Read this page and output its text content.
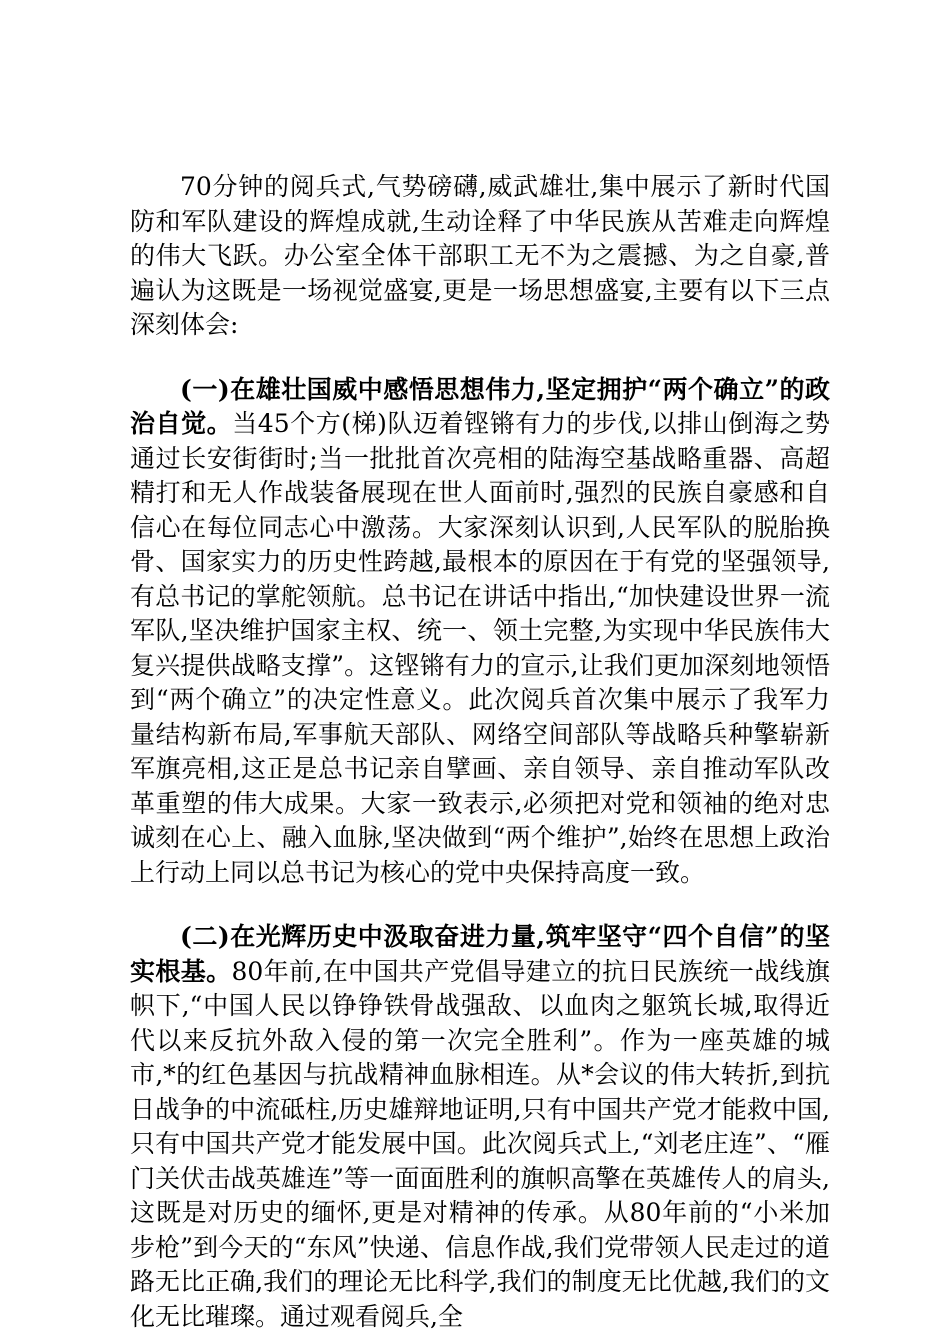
70分钟的阅兵式,气势磅礴,威武雄壮,集中展示了新时代国防和军队建设的辉煌成就,生动诠释了中华民族从苦难走向辉煌的伟大飞跃。办公室全体干部职工无不为之震撼、为之自豪,普遍认为这既是一场视觉盛宴,更是一场思想盛宴,主要有以下三点深刻体会:

(一)在雄壮国威中感悟思想伟力,坚定拥护“两个确立”的政治自觉。当45个方(梯)队迈着铿锵有力的步伐,以排山倒海之势通过长安街街时;当一批批首次亮相的陆海空基战略重器、高超精打和无人作战装备展现在世人面前时,强烈的民族自豪感和自信心在每位同志心中激荡。大家深刻认识到,人民军队的脱胎换骨、国家实力的历史性跨越,最根本的原因在于有党的坚强领导,有总书记的掌舵领航。总书记在讲话中指出,“加快建设世界一流军队,坚决维护国家主权、统一、领土完整,为实现中华民族伟大复兴提供战略支撑”。这铿锵有力的宣示,让我们更加深刻地领悟到“两个确立”的决定性意义。此次阅兵首次集中展示了我军力量结构新布局,军事航天部队、网络空间部队等战略兵种擎崭新军旗亮相,这正是总书记亲自擘画、亲自领导、亲自推动军队改革重塑的伟大成果。大家一致表示,必须把对党和领袖的绝对忠诚刻在心上、融入血脉,坚决做到“两个维护”,始终在思想上政治上行动上同以总书记为核心的党中央保持高度一致。

(二)在光辉历史中汲取奋进力量,筑牢坚守“四个自信”的坚实根基。80年前,在中国共产党倡导建立的抗日民族统一战线旗帜下,“中国人民以铮铮铁骨战强敌、以血肉之躯筑长城,取得近代以来反抗外敌入侵的第一次完全胜利”。作为一座英雄的城市,*的红色基因与抗战精神血脉相连。从*会议的伟大转折,到抗日战争的中流砥柱,历史雄辩地证明,只有中国共产党才能救中国,只有中国共产党才能发展中国。此次阅兵式上,“刘老庄连”、“雁门关伏击战英雄连”等一面面胜利的旗帜高擎在英雄传人的肩头,这既是对历史的缅怀,更是对精神的传承。从80年前的“小米加步枪”到今天的“东风”快递、信息作战,我们党带领人民走过的道路无比正确,我们的理论无比科学,我们的制度无比优越,我们的文化无比璀璨。通过观看阅兵,全
